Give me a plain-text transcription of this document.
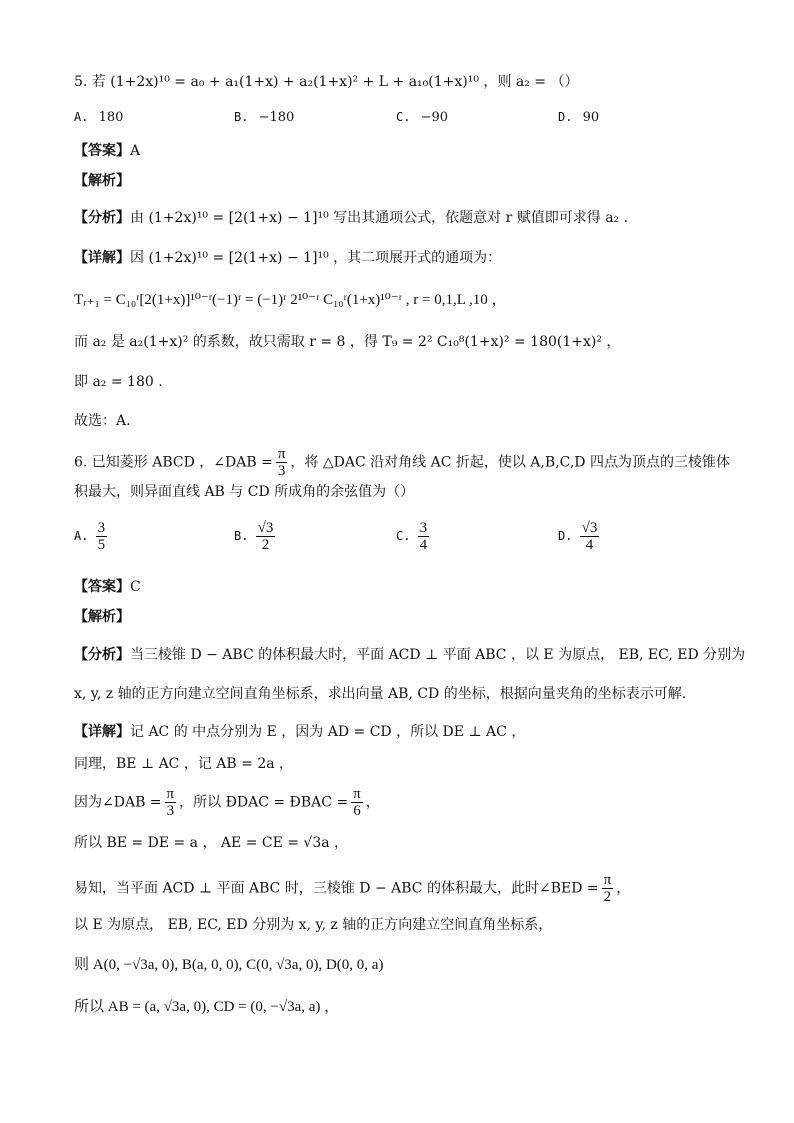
5. 若 (1+2x)¹⁰ = a₀ + a₁(1+x) + a₂(1+x)² + L + a₁₀(1+x)¹⁰ ，则 a₂ = （）
A. 180	B. −180	C. −90	D. 90
【答案】A
【解析】
【分析】由 (1+2x)¹⁰ = [2(1+x) − 1]¹⁰ 写出其通项公式，依题意对 r 赋值即可求得 a₂ .
【详解】因 (1+2x)¹⁰ = [2(1+x) − 1]¹⁰ ，其二项展开式的通项为：
Tᵣ₊₁ = C₁₀ʳ[2(1+x)]¹⁰⁻ʳ(−1)ʳ = (−1)ʳ 2¹⁰⁻ʳ C₁₀ʳ(1+x)¹⁰⁻ʳ , r = 0,1,L ,10 ，
而 a₂ 是 a₂(1+x)² 的系数，故只需取 r = 8 ，得 T₉ = 2² C₁₀⁸(1+x)² = 180(1+x)² ，
即 a₂ = 180 .
故选：A.
6. 已知菱形 ABCD ，∠DAB = $\frac{\pi}{3}$ ，将 △DAC 沿对角线 AC 折起，使以 A,B,C,D 四点为顶点的三棱锥体
积最大，则异面直线 AB 与 CD 所成角的余弦值为（）
A. $\frac{3}{5}$	B. $\frac{√3}{2}$	C. $\frac{3}{4}$	D. $\frac{√3}{4}$
【答案】C
【解析】
【分析】当三棱锥 D − ABC 的体积最大时，平面 ACD ⊥ 平面 ABC ，以 E 为原点， EB, EC, ED 分别为
x, y, z 轴的正方向建立空间直角坐标系，求出向量 AB, CD 的坐标，根据向量夹角的坐标表示可解.
【详解】记 AC 的 中点分别为 E ，因为 AD = CD ，所以 DE ⊥ AC ，
同理，BE ⊥ AC ，记 AB = 2a ，
因为∠DAB = $\frac{\pi}{3}$ ，所以 ÐDAC = ÐBAC = $\frac{\pi}{6}$ ，
所以 BE = DE = a ， AE = CE = √3a ，
易知，当平面 ACD ⊥ 平面 ABC 时，三棱锥 D − ABC 的体积最大，此时∠BED = $\frac{\pi}{2}$ ，
以 E 为原点， EB, EC, ED 分别为 x, y, z 轴的正方向建立空间直角坐标系，
则 A(0, −√3a, 0), B(a, 0, 0), C(0, √3a, 0), D(0, 0, a)
所以 AB = (a, √3a, 0), CD = (0, −√3a, a) ，
